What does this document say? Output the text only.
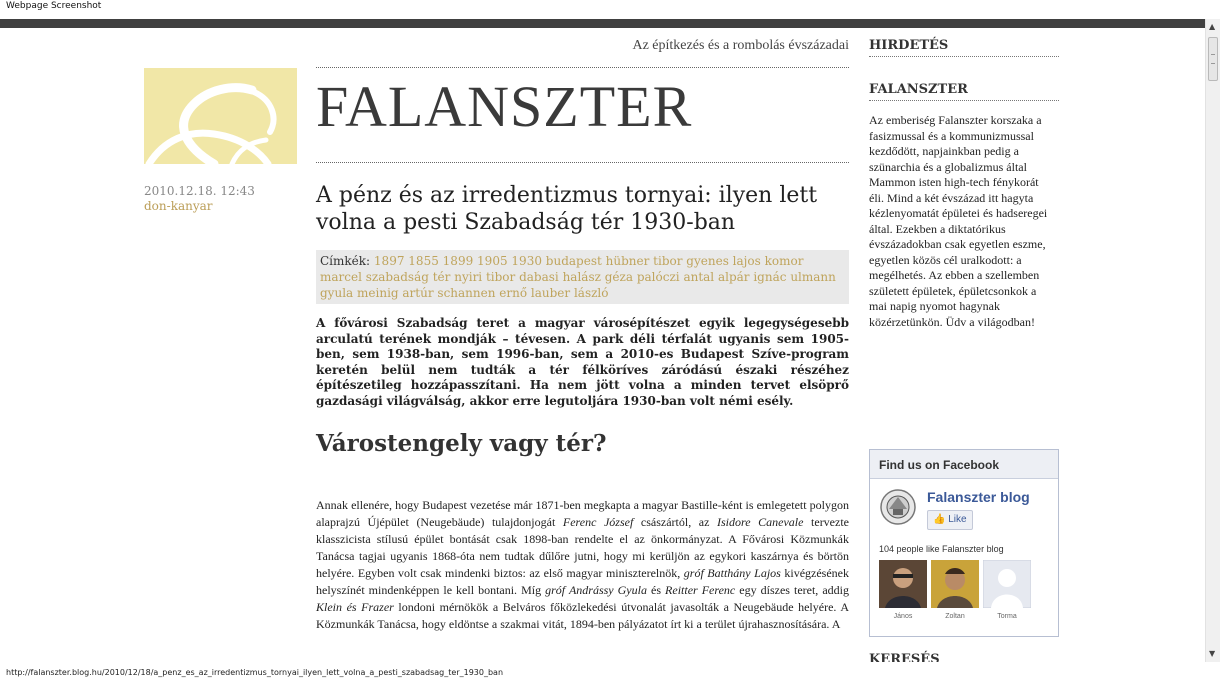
Webpage Screenshot
Az építkezés és a rombolás évszázadai
FALANSZTER
2010.12.18. 12:43
don-kanyar	A pénz és az irredentizmus tornyai: ilyen lett volna a pesti Szabadság tér 1930-ban
Címkék: 1897 1855 1899 1905 1930 budapest hübner tibor gyenes lajos komor marcel szabadság tér nyiri tibor dabasi halász géza palóczi antal alpár ignác ulmann gyula meinig artúr schannen ernő lauber lászló

A fővárosi Szabadság teret a magyar városépítészet egyik legegységesebb arculatú terének mondják – tévesen. A park déli térfalát ugyanis sem 1905-ben, sem 1938-ban, sem 1996-ban, sem a 2010-es Budapest Szíve-program keretén belül nem tudták a tér félköríves záródású északi részéhez építészetileg hozzápasszítani. Ha nem jött volna a minden tervet elsöprő gazdasági világválság, akkor erre legutoljára 1930-ban volt némi esély.

Várostengely vagy tér?

Annak ellenére, hogy Budapest vezetése már 1871-ben megkapta a magyar Bastille-ként is emlegetett polygon alaprajzú Újépület (Neugebäude) tulajdonjogát Ferenc József császártól, az Isidore Canevale tervezte klasszicista stílusú épület bontását csak 1898-ban rendelte el az önkormányzat. A Fővárosi Közmunkák Tanácsa tagjai ugyanis 1868-óta nem tudtak dűlőre jutni, hogy mi kerüljön az egykori kaszárnya és börtön helyére. Egyben volt csak mindenki biztos: az első magyar miniszterelnök, gróf Batthány Lajos kivégzésének helyszínét mindenképpen le kell bontani. Míg gróf Andrássy Gyula és Reitter Ferenc egy díszes teret, addig Klein és Frazer londoni mérnökök a Belváros főközlekedési útvonalát javasolták a Neugebäude helyére. A Közmunkák Tanácsa, hogy eldöntse a szakmai vitát, 1894-ben pályázatot írt ki a terület újrahasznosítására. A

HIRDETÉS
FALANSZTER

Az emberiség Falanszter korszaka a fasizmussal és a kommunizmussal kezdődött, napjainkban pedig a szünarchia és a globalizmus által Mammon isten high-tech fénykorát éli. Mind a két évszázad itt hagyta kézlenyomatát épületei és hadseregei által. Ezekben a diktatórikus évszázadokban csak egyetlen eszme, egyetlen közös cél uralkodott: a megélhetés. Az ebben a szellemben született épületek, épületcsonkok a mai napig nyomot hagynak közérzetünkön. Üdv a világodban!

Find us on Facebook
Falanszter blog
👍 Like
104 people like Falanszter blog
János	Zoltan	Torma
KERESÉS
▲
▼
http://falanszter.blog.hu/2010/12/18/a_penz_es_az_irredentizmus_tornyai_ilyen_lett_volna_a_pesti_szabadsag_ter_1930_ban
